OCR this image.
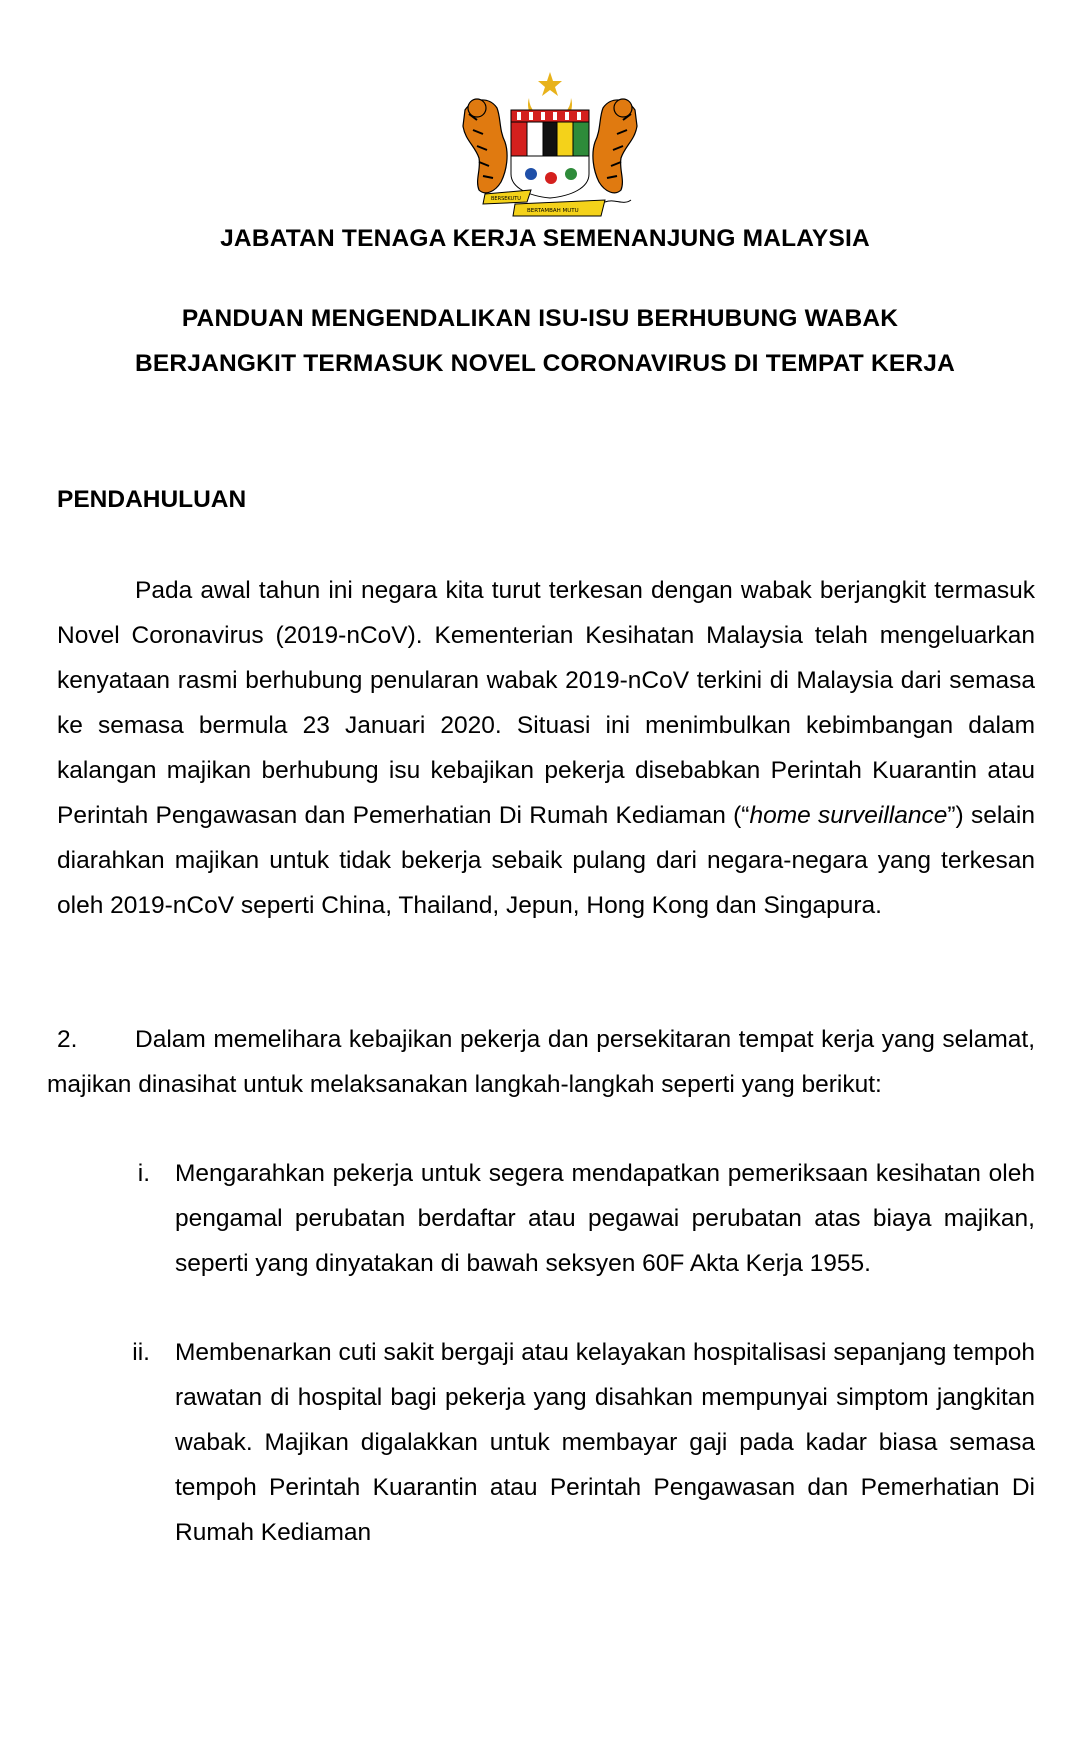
BERSEKUTU
BERTAMBAH MUTU
JABATAN TENAGA KERJA SEMENANJUNG MALAYSIA
PANDUAN MENGENDALIKAN ISU-ISU BERHUBUNG WABAK
BERJANGKIT TERMASUK NOVEL CORONAVIRUS DI TEMPAT KERJA
PENDAHULUAN
Pada awal tahun ini negara kita turut terkesan dengan wabak berjangkit termasuk Novel Coronavirus (2019-nCoV). Kementerian Kesihatan Malaysia telah mengeluarkan kenyataan rasmi berhubung penularan wabak 2019-nCoV terkini di Malaysia dari semasa ke semasa bermula 23 Januari 2020. Situasi ini menimbulkan kebimbangan dalam kalangan majikan berhubung isu kebajikan pekerja disebabkan Perintah Kuarantin atau Perintah Pengawasan dan Pemerhatian Di Rumah Kediaman (“home surveillance”) selain diarahkan majikan untuk tidak bekerja sebaik pulang dari negara-negara yang terkesan oleh 2019-nCoV seperti China, Thailand, Jepun, Hong Kong dan Singapura.
2. Dalam memelihara kebajikan pekerja dan persekitaran tempat kerja yang selamat, majikan dinasihat untuk melaksanakan langkah-langkah seperti yang berikut:
i. Mengarahkan pekerja untuk segera mendapatkan pemeriksaan kesihatan oleh pengamal perubatan berdaftar atau pegawai perubatan atas biaya majikan, seperti yang dinyatakan di bawah seksyen 60F Akta Kerja 1955.
ii. Membenarkan cuti sakit bergaji atau kelayakan hospitalisasi sepanjang tempoh rawatan di hospital bagi pekerja yang disahkan mempunyai simptom jangkitan wabak. Majikan digalakkan untuk membayar gaji pada kadar biasa semasa tempoh Perintah Kuarantin atau Perintah Pengawasan dan Pemerhatian Di Rumah Kediaman
